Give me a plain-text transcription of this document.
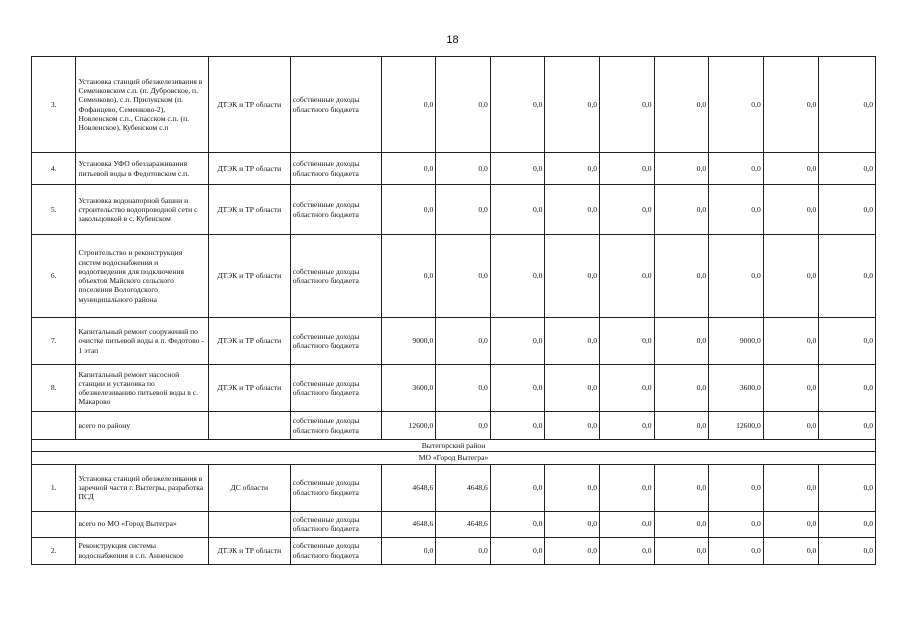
18
3.	Установка станций обезжелезивания в Семенковском с.п. (п. Дубровское, п. Семенково), с.п. Прилукском (п. Фофанцево, Семенково-2), Новленском с.п., Спасском с.п. (п. Новленское), Кубенском с.п	ДТЭК и ТР области	собственные доходы областного бюджета	0,0	0,0	0,0	0,0	0,0	0,0	0,0	0,0	0,0
4.	Установка УФО обеззараживания питьевой воды в Федотовском с.п.	ДТЭК и ТР области	собственные доходы областного бюджета	0,0	0,0	0,0	0,0	0,0	0,0	0,0	0,0	0,0
5.	Установка водонапорной башни и строительство водопроводной сети с закольцовкой в с. Кубенском	ДТЭК и ТР области	собственные доходы областного бюджета	0,0	0,0	0,0	0,0	0,0	0,0	0,0	0,0	0,0
6.	Строительство и реконструкция систем водоснабжения и водоотведения для подключения объектов Майского сельского поселения Вологодского муниципального района	ДТЭК и ТР области	собственные доходы областного бюджета	0,0	0,0	0,0	0,0	0,0	0,0	0,0	0,0	0,0
7.	Капитальный ремонт сооружений по очистке питьевой воды в п. Федотово - 1 этап	ДТЭК и ТР области	собственные доходы областного бюджета	9000,0	0,0	0,0	0,0	0,0	0,0	9000,0	0,0	0,0
8.	Капитальный ремонт насосной станции и установка по обезжелезиванию питьевой воды в с. Макарово	ДТЭК и ТР области	собственные доходы областного бюджета	3600,0	0,0	0,0	0,0	0,0	0,0	3600,0	0,0	0,0
	всего по району		собственные доходы областного бюджета	12600,0	0,0	0,0	0,0	0,0	0,0	12600,0	0,0	0,0
Вытегорский район												
МО «Город Вытегра»												
1.	Установка станций обезжелезивания в заречной части г. Вытегры, разработка ПСД	ДС области	собственные доходы областного бюджета	4648,6	4648,6	0,0	0,0	0,0	0,0	0,0	0,0	0,0
	всего по МО «Город Вытегра»		собственные доходы областного бюджета	4648,6	4648,6	0,0	0,0	0,0	0,0	0,0	0,0	0,0
2.	Реконструкция системы водоснабжения в с.п. Анненское	ДТЭК и ТР области	собственные доходы областного бюджета	0,0	0,0	0,0	0,0	0,0	0,0	0,0	0,0	0,0
